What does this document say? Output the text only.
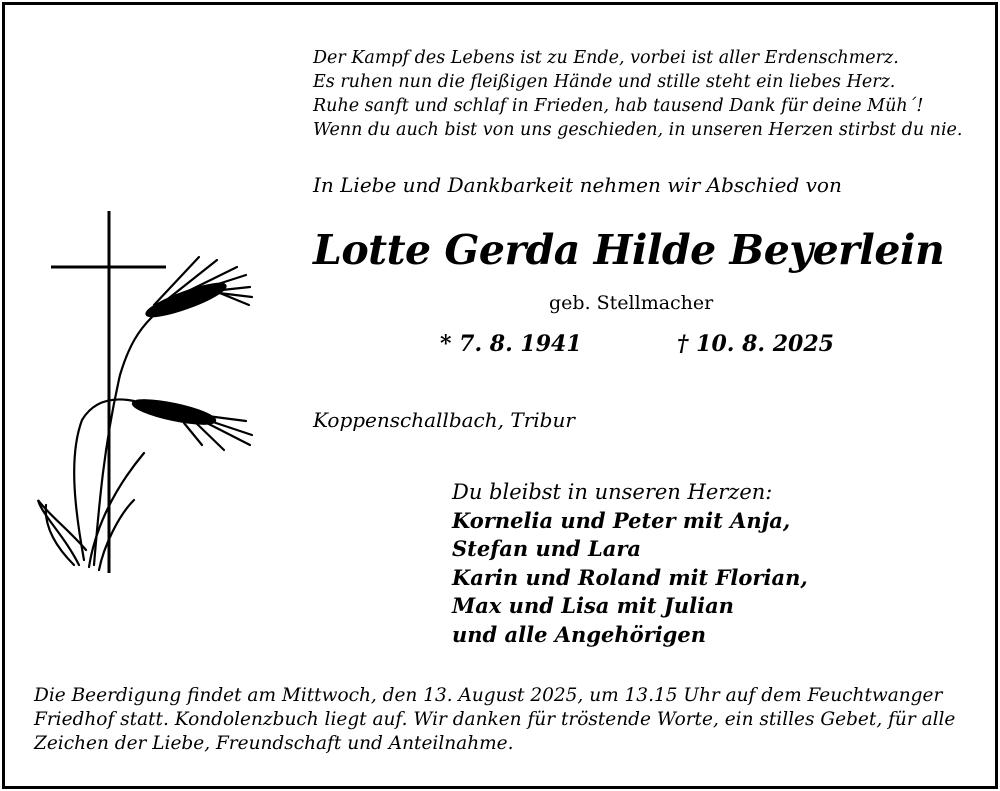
Der Kampf des Lebens ist zu Ende, vorbei ist aller Erdenschmerz.
Es ruhen nun die fleißigen Hände und stille steht ein liebes Herz.
Ruhe sanft und schlaf in Frieden, hab tausend Dank für deine Müh´!
Wenn du auch bist von uns geschieden, in unseren Herzen stirbst du nie.
In Liebe und Dankbarkeit nehmen wir Abschied von
Lotte Gerda Hilde Beyerlein
geb. Stellmacher
* 7. 8. 1941	† 10. 8. 2025
Koppenschallbach, Tribur
Du bleibst in unseren Herzen:
Kornelia und Peter mit Anja,
Stefan und Lara
Karin und Roland mit Florian,
Max und Lisa mit Julian
und alle Angehörigen
Die Beerdigung findet am Mittwoch, den 13. August 2025, um 13.15 Uhr auf dem Feuchtwanger Friedhof statt. Kondolenzbuch liegt auf. Wir danken für tröstende Worte, ein stilles Gebet, für alle Zeichen der Liebe, Freundschaft und Anteilnahme.
